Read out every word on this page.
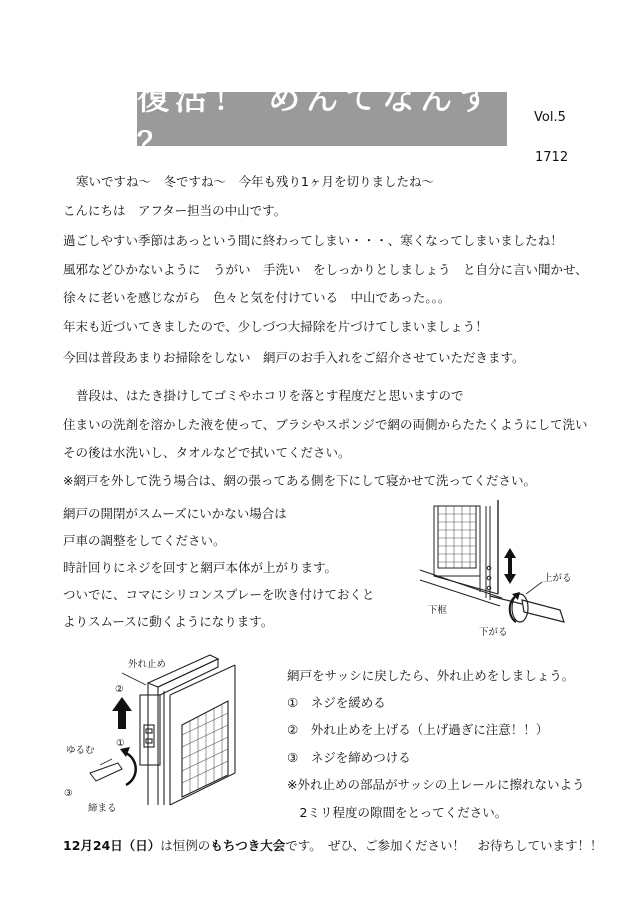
復活！ めんてなんす ？
Vol.5
1712
寒いですね～　冬ですね～　今年も残り1ヶ月を切りましたね～
こんにちは　アフター担当の中山です。
過ごしやすい季節はあっという間に終わってしまい・・・、寒くなってしまいましたね！
風邪などひかないように　うがい　手洗い　をしっかりとしましょう　と自分に言い聞かせ、
徐々に老いを感じながら　色々と気を付けている　中山であった。。。
年末も近づいてきましたので、少しづつ大掃除を片づけてしまいましょう！
今回は普段あまりお掃除をしない　網戸のお手入れをご紹介させていただきます。
普段は、はたき掛けしてゴミやホコリを落とす程度だと思いますので
住まいの洗剤を溶かした液を使って、ブラシやスポンジで網の両側からたたくようにして洗い
その後は水洗いし、タオルなどで拭いてください。
※網戸を外して洗う場合は、網の張ってある側を下にして寝かせて洗ってください。
網戸の開閉がスムーズにいかない場合は
戸車の調整をしてください。
時計回りにネジを回すと網戸本体が上がります。
ついでに、コマにシリコンスプレーを吹き付けておくと
よりスムースに動くようになります。
上がる
下框
下がる
外れ止め
②
①
ゆるむ
③
締まる
網戸をサッシに戻したら、外れ止めをしましょう。
①　ネジを緩める
②　外れ止めを上げる（上げ過ぎに注意！！）
③　ネジを締めつける
※外れ止めの部品がサッシの上レールに擦れないよう
　2ミリ程度の隙間をとってください。
12月24日（日）は恒例のもちつき大会です。　ぜひ、ご参加ください！　お待ちしています！！
